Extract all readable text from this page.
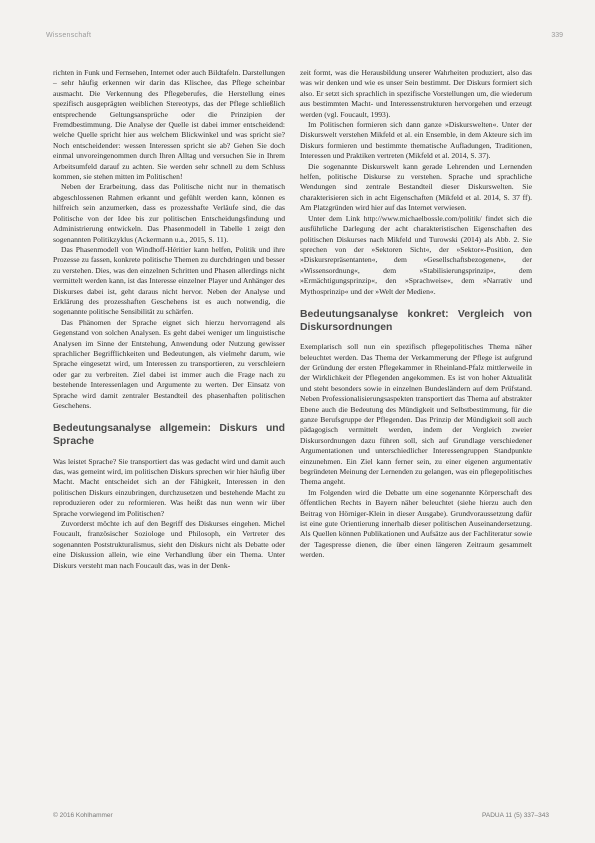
Wissenschaft	339

richten in Funk und Fernsehen, Internet oder auch Bildtafeln. Darstellungen – sehr häufig erkennen wir darin das Klischee, das Pflege scheinbar ausmacht. Die Verkennung des Pflegeberufes, die Herstellung eines spezifisch ausgeprägten weiblichen Stereotyps, das der Pflege schließlich entsprechende Geltungsansprüche oder die Prinzipien der Fremdbestimmung. Die Analyse der Quelle ist dabei immer entscheidend: welche Quelle spricht hier aus welchem Blickwinkel und was spricht sie? Noch entscheidender: wessen Interessen spricht sie ab? Gehen Sie doch einmal unvoreingenommen durch Ihren Alltag und versuchen Sie in Ihrem Arbeitsumfeld darauf zu achten. Sie werden sehr schnell zu dem Schluss kommen, sie stehen mitten im Politischen!

Neben der Erarbeitung, dass das Politische nicht nur in thematisch abgeschlossenen Rahmen erkannt und gefühlt werden kann, können es hilfreich sein anzumerken, dass es prozesshafte Verläufe sind, die das Politische von der Idee bis zur politischen Entscheidungsfindung und Administrierung entwickeln. Das Phasenmodell in Tabelle 1 zeigt den sogenannten Politikzyklus (Ackermann u.a., 2015, S. 11).

Das Phasenmodell von Windhoff-Héritier kann helfen, Politik und ihre Prozesse zu fassen, konkrete politische Themen zu durchdringen und besser zu verstehen. Dies, was den einzelnen Schritten und Phasen allerdings nicht vermittelt werden kann, ist das Interesse einzelner Player und Anhänger des Diskurses dabei ist, geht daraus nicht hervor. Neben der Analyse und Erklärung des prozesshaften Geschehens ist es auch notwendig, die sogenannte politische Sensibilität zu schärfen.

Das Phänomen der Sprache eignet sich hierzu hervorragend als Gegenstand von solchen Analysen. Es geht dabei weniger um linguistische Analysen im Sinne der Entstehung, Anwendung oder Nutzung gewisser sprachlicher Begrifflichkeiten und Bedeutungen, als vielmehr darum, wie Sprache eingesetzt wird, um Interessen zu transportieren, zu verschleiern oder gar zu verbreiten. Ziel dabei ist immer auch die Frage nach zu bestehende Interessenlagen und Argumente zu werten. Der Einsatz von Sprache wird damit zentraler Bestandteil des phasenhaften politischen Geschehens.

Bedeutungsanalyse allgemein: Diskurs und Sprache

Was leistet Sprache? Sie transportiert das was gedacht wird und damit auch das, was gemeint wird, im politischen Diskurs sprechen wir hier häufig über Macht. Macht entscheidet sich an der Fähigkeit, Interessen in den politischen Diskurs einzubringen, durchzusetzen und bestehende Macht zu reproduzieren oder zu reformieren. Was heißt das nun wenn wir über Sprache vorwiegend im Politischen?

Zuvorderst möchte ich auf den Begriff des Diskurses eingehen. Michel Foucault, französischer Soziologe und Philosoph, ein Vertreter des sogenannten Poststrukturalismus, sieht den Diskurs nicht als Debatte oder eine Diskussion allein, wie eine Verhandlung über ein Thema. Unter Diskurs versteht man nach Foucault das, was in der Denk-

zeit formt, was die Herausbildung unserer Wahrheiten produziert, also das was wir denken und wie es unser Sein bestimmt. Der Diskurs formiert sich also. Er setzt sich sprachlich in spezifische Vorstellungen um, die wiederum aus bestimmten Macht- und Interessenstrukturen hervorgehen und erzeugt werden (vgl. Foucault, 1993).

Im Politischen formieren sich dann ganze »Diskurswelten«. Unter der Diskurswelt verstehen Mikfeld et al. ein Ensemble, in dem Akteure sich im Diskurs formieren und bestimmte thematische Aufladungen, Traditionen, Interessen und Praktiken vertreten (Mikfeld et al. 2014, S. 37).

Die sogenannte Diskurswelt kann gerade Lehrenden und Lernenden helfen, politische Diskurse zu verstehen. Sprache und sprachliche Wendungen sind zentrale Bestandteil dieser Diskurswelten. Sie charakterisieren sich in acht Eigenschaften (Mikfeld et al. 2014, S. 37 ff). Am Platzgründen wird hier auf das Internet verwiesen.

Unter dem Link http://www.michaelbossle.com/politik/ findet sich die ausführliche Darlegung der acht charakteristischen Eigenschaften des politischen Diskurses nach Mikfeld und Turowski (2014) als Abb. 2. Sie sprechen von der »Sektoren Sicht«, der »Sektor«-Position, den »Diskursrepräsentanten«, dem »Gesellschaftsbezogenen«, der »Wissensordnung«, dem »Stabilisierungsprinzip«, dem »Ermächtigungsprinzip«, den »Sprachweise«, dem »Narrativ und Mythosprinzip« und der »Welt der Medien«.

Bedeutungsanalyse konkret: Vergleich von Diskursordnungen

Exemplarisch soll nun ein spezifisch pflegepolitisches Thema näher beleuchtet werden. Das Thema der Verkammerung der Pflege ist aufgrund der Gründung der ersten Pflegekammer in Rheinland-Pfalz mittlerweile in der Wirklichkeit der Pflegenden angekommen. Es ist von hoher Aktualität und steht besonders sowie in einzelnen Bundesländern auf dem Prüfstand. Neben Professionalisierungsaspekten transportiert das Thema auf abstrakter Ebene auch die Bedeutung des Mündigkeit und Selbstbestimmung, für die ganze Berufsgruppe der Pflegenden. Das Prinzip der Mündigkeit soll auch pädagogisch vermittelt werden, indem der Vergleich zweier Diskursordnungen dazu führen soll, sich auf Grundlage verschiedener Argumentationen und unterschiedlicher Interessengruppen Standpunkte einzunehmen. Ein Ziel kann ferner sein, zu einer eigenen argumentativ begründeten Meinung der Lernenden zu gelangen, was ein pflegepolitisches Thema angeht.

Im Folgenden wird die Debatte um eine sogenannte Körperschaft des öffentlichen Rechts in Bayern näher beleuchtet (siehe hierzu auch den Beitrag von Hörniger-Klein in dieser Ausgabe). Grundvoraussetzung dafür ist eine gute Orientierung innerhalb dieser politischen Auseinandersetzung. Als Quellen können Publikationen und Aufsätze aus der Fachliteratur sowie der Tagespresse dienen, die über einen längeren Zeitraum gesammelt werden.

© 2016 Kohlhammer	PADUA 11 (5) 337–343
